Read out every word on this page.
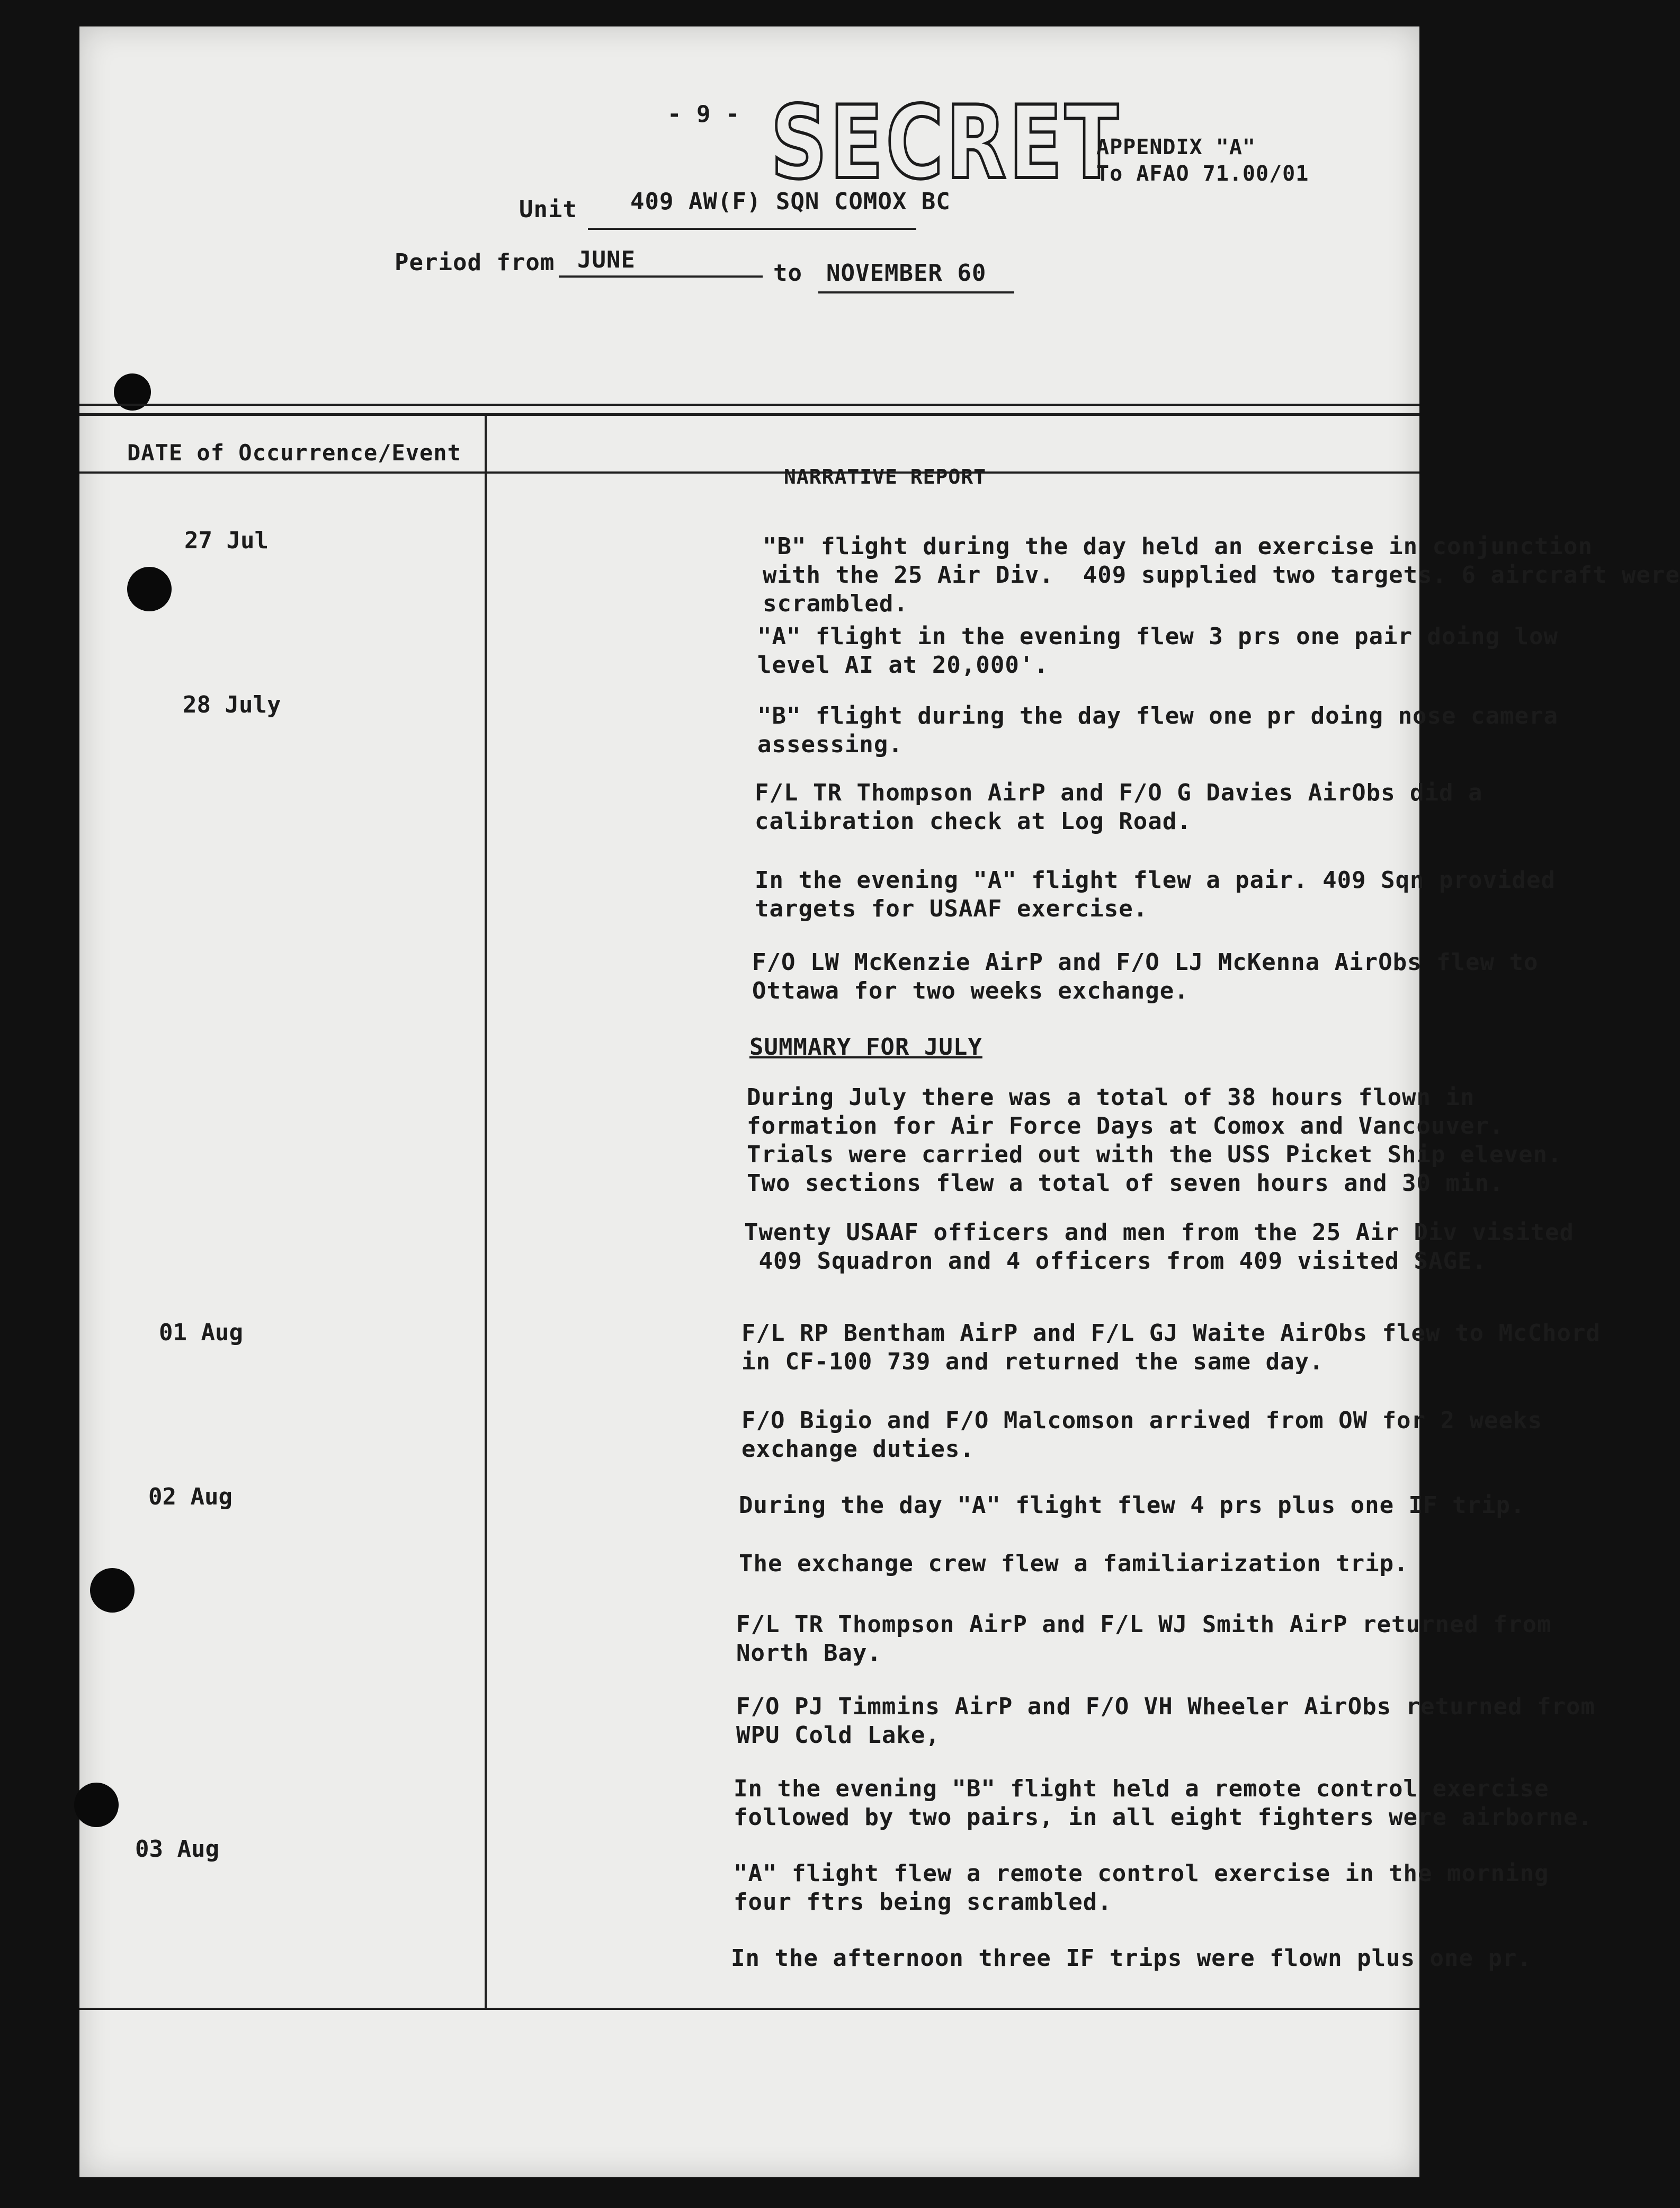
- 9 - SECRET
APPENDIX "A"
To AFAO 71.00/01
Unit 409 AW(F) SQN COMOX BC
Period from JUNE	to NOVEMBER 60
DATE of Occurrence/Event
NARRATIVE REPORT
27 Jul
28 July
01 Aug
02 Aug
03 Aug
"B" flight during the day held an exercise in conjunction
with the 25 Air Div.  409 supplied two targets. 6 aircraft were
scrambled.
"A" flight in the evening flew 3 prs one pair doing low
level AI at 20,000'.
"B" flight during the day flew one pr doing nose camera
assessing.
F/L TR Thompson AirP and F/O G Davies AirObs did a
calibration check at Log Road.
In the evening "A" flight flew a pair. 409 Sqn provided
targets for USAAF exercise.
F/O LW McKenzie AirP and F/O LJ McKenna AirObs flew to
Ottawa for two weeks exchange.
SUMMARY FOR JULY
During July there was a total of 38 hours flown in
formation for Air Force Days at Comox and Vancouver.
Trials were carried out with the USS Picket Ship eleven.
Two sections flew a total of seven hours and 30 min.
Twenty USAAF officers and men from the 25 Air Div visited
409 Squadron and 4 officers from 409 visited SAGE.
F/L RP Bentham AirP and F/L GJ Waite AirObs flew to McChord
in CF-100 739 and returned the same day.
F/O Bigio and F/O Malcomson arrived from OW for 2 weeks
exchange duties.
During the day "A" flight flew 4 prs plus one IF trip.
The exchange crew flew a familiarization trip.
F/L TR Thompson AirP and F/L WJ Smith AirP returned from
North Bay.
F/O PJ Timmins AirP and F/O VH Wheeler AirObs returned from
WPU Cold Lake,
In the evening "B" flight held a remote control exercise
followed by two pairs, in all eight fighters were airborne.
"A" flight flew a remote control exercise in the morning
four ftrs being scrambled.
In the afternoon three IF trips were flown plus one pr.
